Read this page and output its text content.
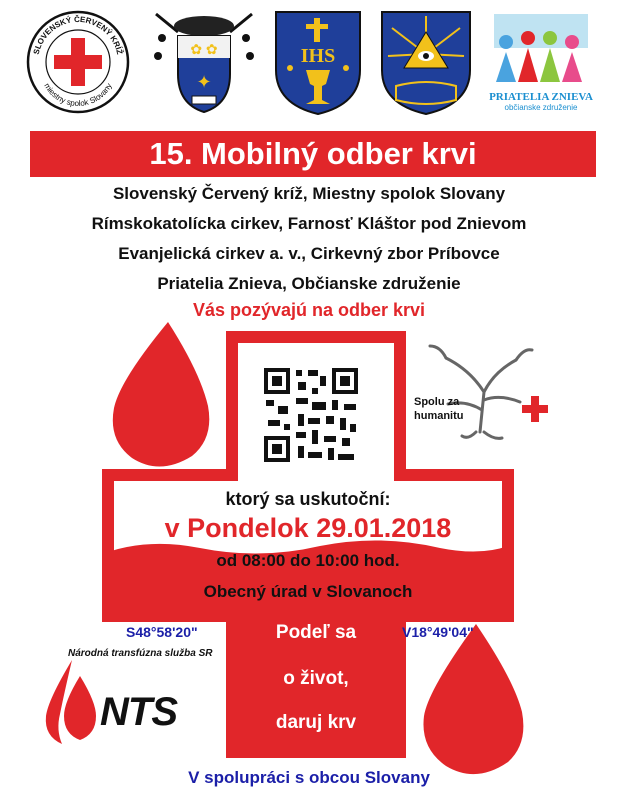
SLOVENSKÝ ČERVENÝ KRÍŽ
miestny spolok Slovany
✿ ✿
✦
IHS
PRIATELIA ZNIEVA
občianske združenie
15. Mobilný odber krvi
Slovenský Červený kríž, Miestny spolok Slovany
Rímskokatolícka cirkev, Farnosť Kláštor pod Znievom
Evanjelická cirkev a. v., Cirkevný zbor Príbovce
Priatelia Znieva, Občianske združenie
Vás pozývajú na odber krvi
Spolu za humanitu
ktorý sa uskutoční:
v Pondelok 29.01.2018
od 08:00 do 10:00 hod.
Obecný úrad v Slovanoch
S48°58'20"	V18°49'04"
Podeľ sa
o život,
daruj krv
Národná transfúzna služba SR
NTS
V spolupráci s obcou Slovany
